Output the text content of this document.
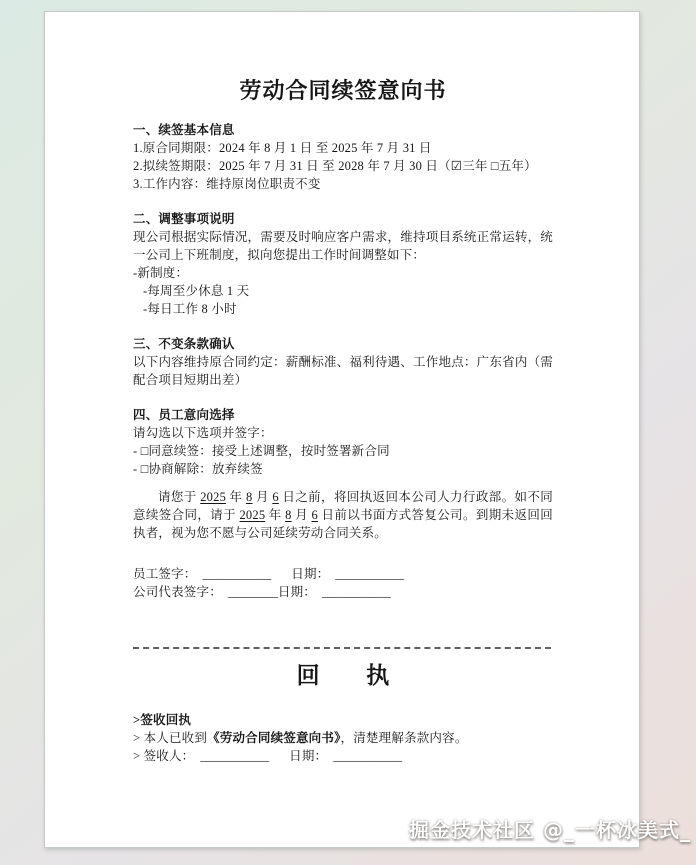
劳动合同续签意向书
一、续签基本信息
1.原合同期限：2024 年 8 月 1 日 至 2025 年 7 月 31 日
2.拟续签期限：2025 年 7 月 31 日 至 2028 年 7 月 30 日（☑三年 □五年）
3.工作内容：维持原岗位职责不变
二、调整事项说明
现公司根据实际情况，需要及时响应客户需求，维持项目系统正常运转，统一公司上下班制度，拟向您提出工作时间调整如下：
-新制度：
-每周至少休息 1 天
-每日工作 8 小时
三、不变条款确认
以下内容维持原合同约定：薪酬标准、福利待遇、工作地点：广东省内（需配合项目短期出差）
四、员工意向选择
请勾选以下选项并签字：
- □同意续签：接受上述调整，按时签署新合同
- □协商解除：放弃续签

请您于 2025 年 8 月 6 日之前，将回执返回本公司人力行政部。如不同意续签合同，请于 2025 年 8 月 6 日前以书面方式答复公司。到期未返回回执者，视为您不愿与公司延续劳动合同关系。

员工签字： ___________ 日期： ___________
公司代表签字： ________日期： ___________
回　　执
>签收回执
> 本人已收到《劳动合同续签意向书》，清楚理解条款内容。
> 签收人： ___________ 日期： ___________
掘金技术社区 @_一杯冰美式_
